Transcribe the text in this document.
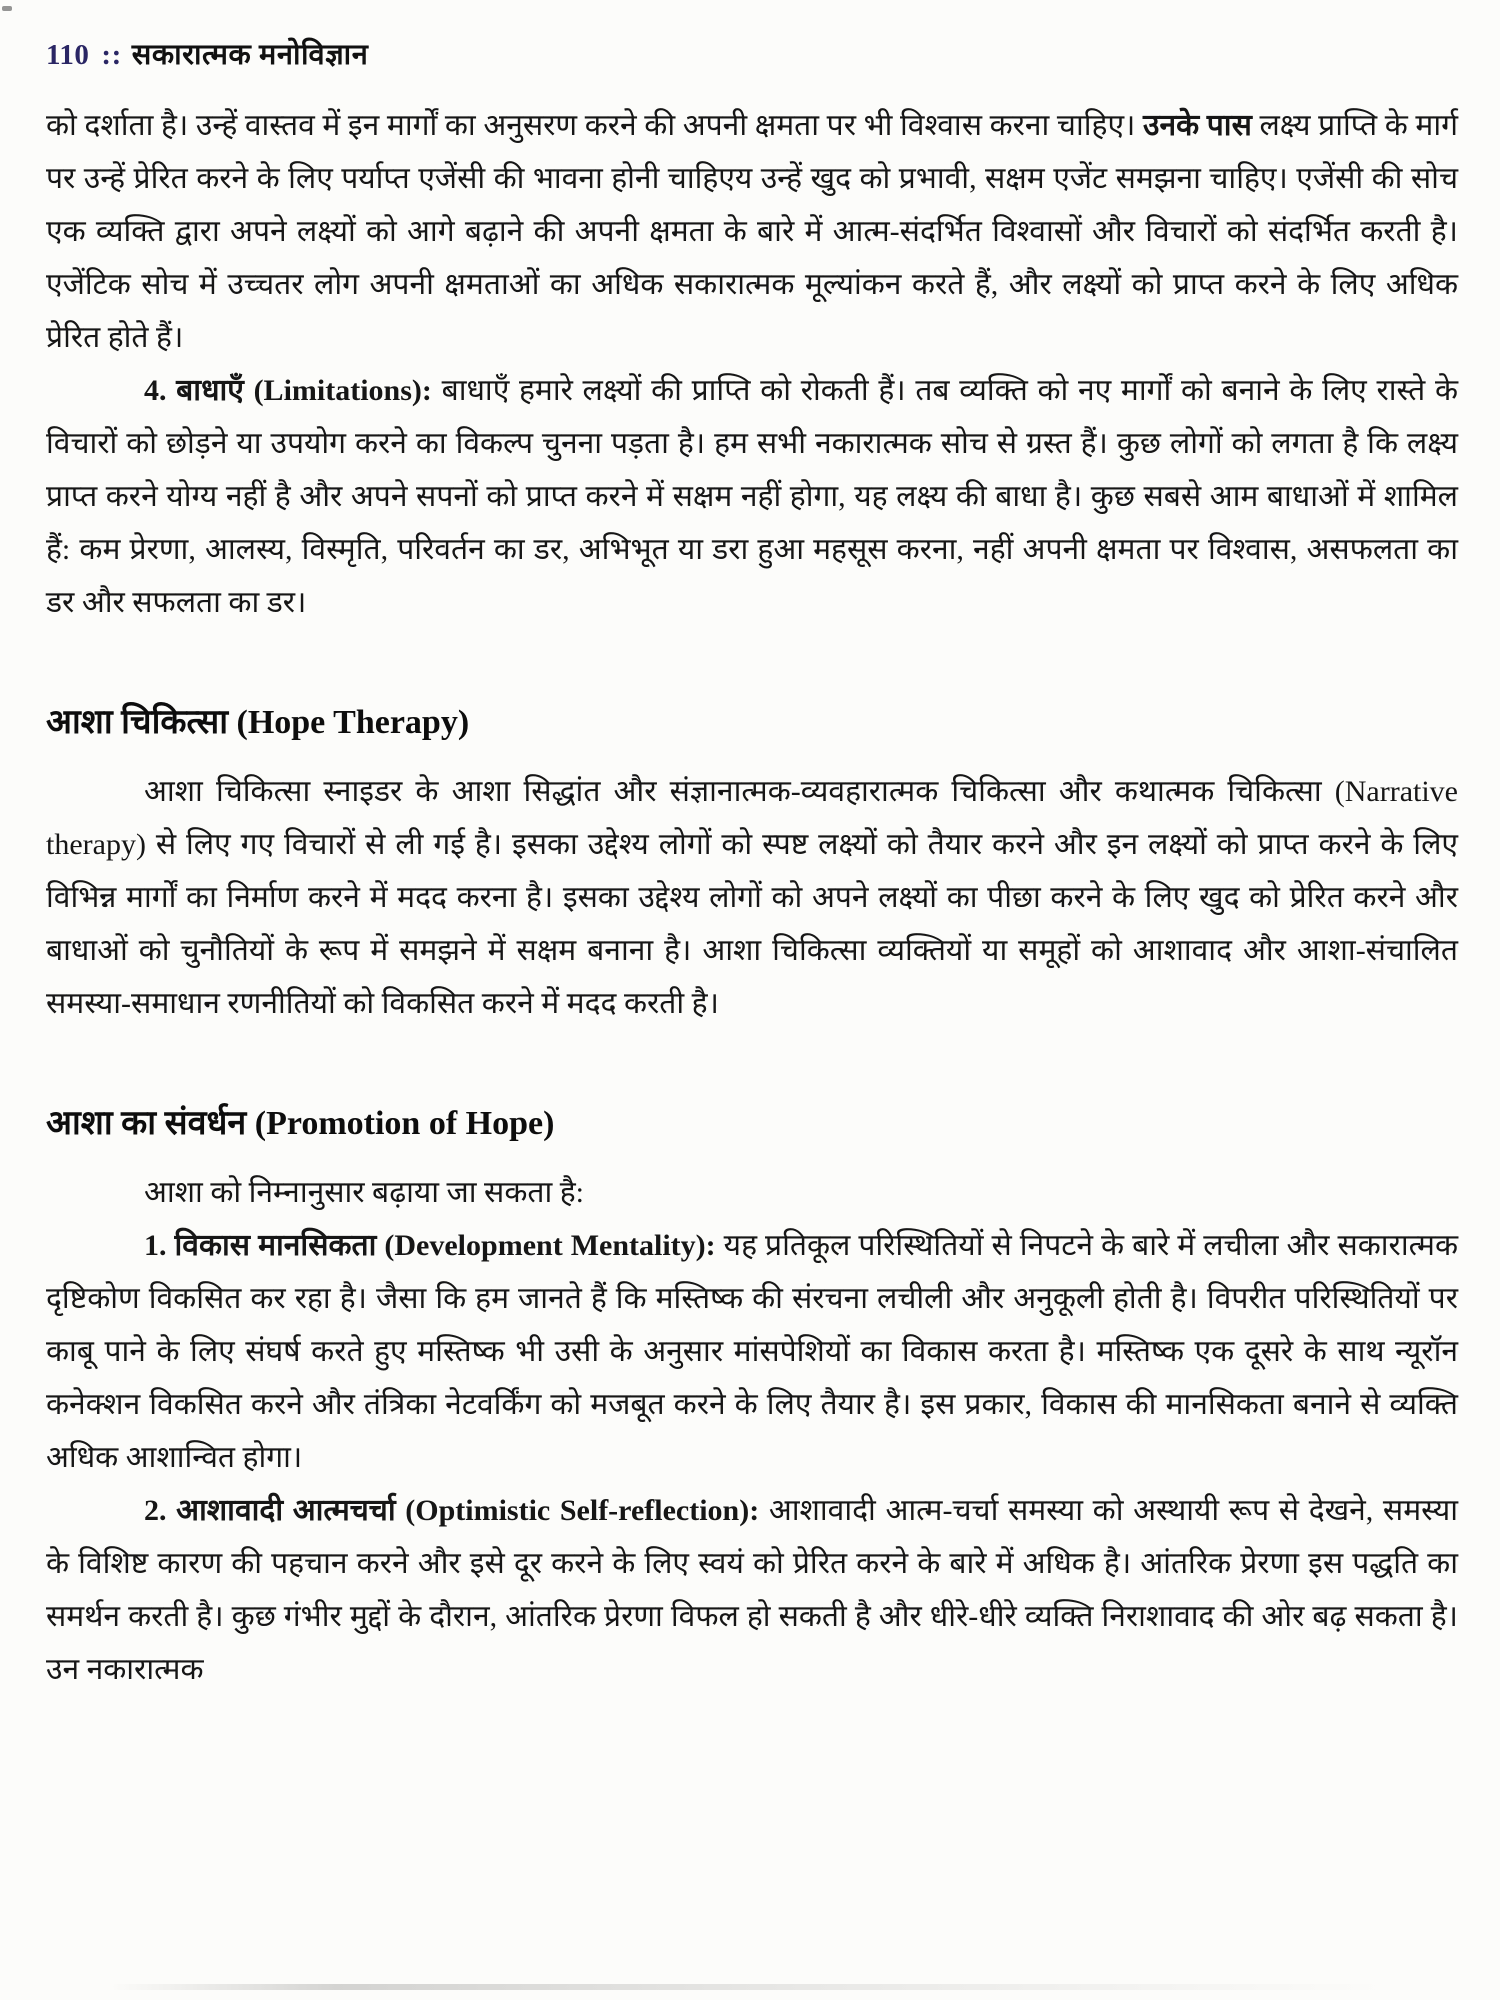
110 :: सकारात्मक मनोविज्ञान

को दर्शाता है। उन्हें वास्तव में इन मार्गों का अनुसरण करने की अपनी क्षमता पर भी विश्वास करना चाहिए। उनके पास लक्ष्य प्राप्ति के मार्ग पर उन्हें प्रेरित करने के लिए पर्याप्त एजेंसी की भावना होनी चाहिएय उन्हें खुद को प्रभावी, सक्षम एजेंट समझना चाहिए। एजेंसी की सोच एक व्यक्ति द्वारा अपने लक्ष्यों को आगे बढ़ाने की अपनी क्षमता के बारे में आत्म-संदर्भित विश्वासों और विचारों को संदर्भित करती है। एजेंटिक सोच में उच्चतर लोग अपनी क्षमताओं का अधिक सकारात्मक मूल्यांकन करते हैं, और लक्ष्यों को प्राप्त करने के लिए अधिक प्रेरित होते हैं।

4. बाधाएँ (Limitations): बाधाएँ हमारे लक्ष्यों की प्राप्ति को रोकती हैं। तब व्यक्ति को नए मार्गों को बनाने के लिए रास्ते के विचारों को छोड़ने या उपयोग करने का विकल्प चुनना पड़ता है। हम सभी नकारात्मक सोच से ग्रस्त हैं। कुछ लोगों को लगता है कि लक्ष्य प्राप्त करने योग्य नहीं है और अपने सपनों को प्राप्त करने में सक्षम नहीं होगा, यह लक्ष्य की बाधा है। कुछ सबसे आम बाधाओं में शामिल हैं: कम प्रेरणा, आलस्य, विस्मृति, परिवर्तन का डर, अभिभूत या डरा हुआ महसूस करना, नहीं अपनी क्षमता पर विश्वास, असफलता का डर और सफलता का डर।

आशा चिकित्सा (Hope Therapy)

आशा चिकित्सा स्नाइडर के आशा सिद्धांत और संज्ञानात्मक-व्यवहारात्मक चिकित्सा और कथात्मक चिकित्सा (Narrative therapy) से लिए गए विचारों से ली गई है। इसका उद्देश्य लोगों को स्पष्ट लक्ष्यों को तैयार करने और इन लक्ष्यों को प्राप्त करने के लिए विभिन्न मार्गों का निर्माण करने में मदद करना है। इसका उद्देश्य लोगों को अपने लक्ष्यों का पीछा करने के लिए खुद को प्रेरित करने और बाधाओं को चुनौतियों के रूप में समझने में सक्षम बनाना है। आशा चिकित्सा व्यक्तियों या समूहों को आशावाद और आशा-संचालित समस्या-समाधान रणनीतियों को विकसित करने में मदद करती है।

आशा का संवर्धन (Promotion of Hope)

आशा को निम्नानुसार बढ़ाया जा सकता है:

1. विकास मानसिकता (Development Mentality): यह प्रतिकूल परिस्थितियों से निपटने के बारे में लचीला और सकारात्मक दृष्टिकोण विकसित कर रहा है। जैसा कि हम जानते हैं कि मस्तिष्क की संरचना लचीली और अनुकूली होती है। विपरीत परिस्थितियों पर काबू पाने के लिए संघर्ष करते हुए मस्तिष्क भी उसी के अनुसार मांसपेशियों का विकास करता है। मस्तिष्क एक दूसरे के साथ न्यूरॉन कनेक्शन विकसित करने और तंत्रिका नेटवर्किंग को मजबूत करने के लिए तैयार है। इस प्रकार, विकास की मानसिकता बनाने से व्यक्ति अधिक आशान्वित होगा।

2. आशावादी आत्मचर्चा (Optimistic Self-reflection): आशावादी आत्म-चर्चा समस्या को अस्थायी रूप से देखने, समस्या के विशिष्ट कारण की पहचान करने और इसे दूर करने के लिए स्वयं को प्रेरित करने के बारे में अधिक है। आंतरिक प्रेरणा इस पद्धति का समर्थन करती है। कुछ गंभीर मुद्दों के दौरान, आंतरिक प्रेरणा विफल हो सकती है और धीरे-धीरे व्यक्ति निराशावाद की ओर बढ़ सकता है। उन नकारात्मक
